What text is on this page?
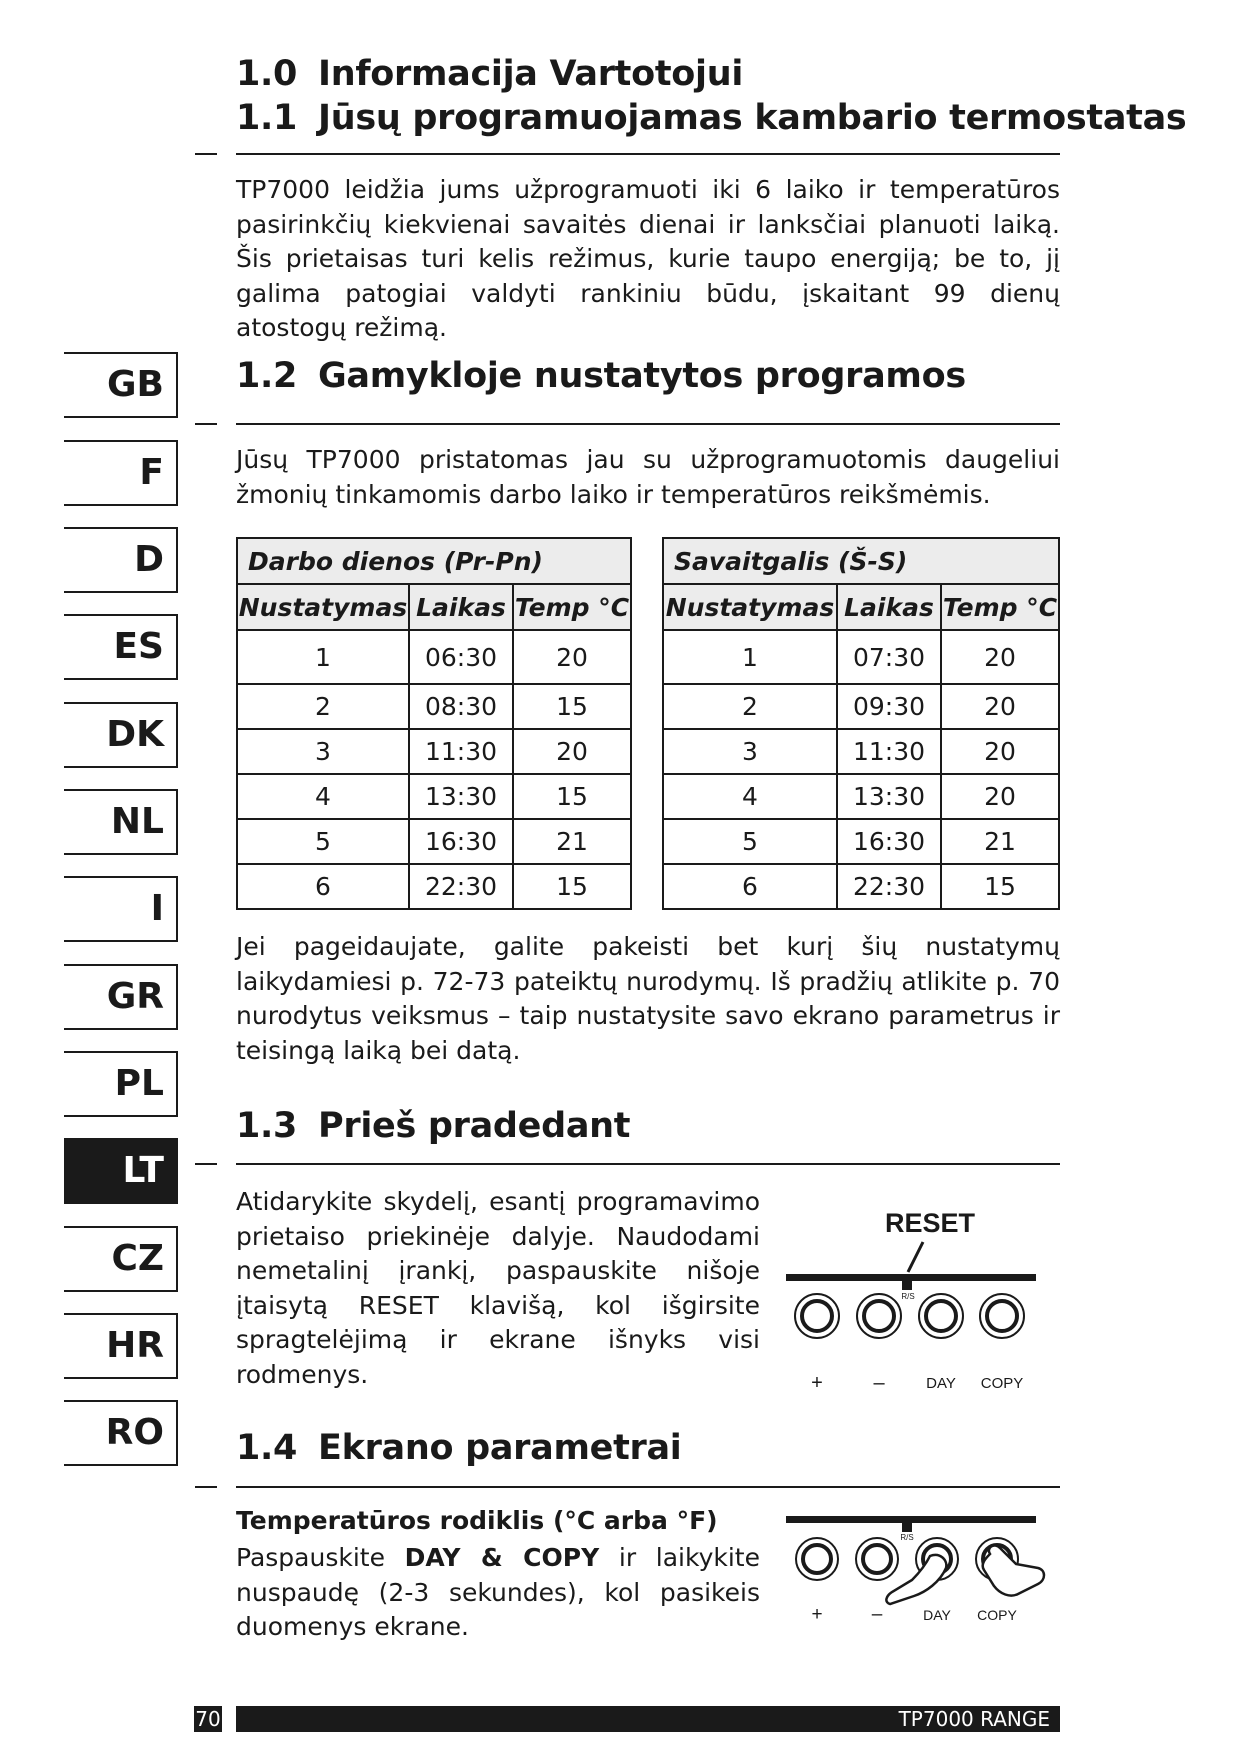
GB
F
D
ES
DK
NL
I
GR
PL
LT
CZ
HR
RO
1.0 Informacija Vartotojui
1.1 Jūsų programuojamas kambario termostatas

TP7000 leidžia jums užprogramuoti iki 6 laiko ir temperatūros pasirinkčių kiekvienai savaitės dienai ir lanksčiai planuoti laiką. Šis prietaisas turi kelis režimus, kurie taupo energiją; be to, jį galima patogiai valdyti rankiniu būdu, įskaitant 99 dienų atostogų režimą.

1.2 Gamykloje nustatytos programos

Jūsų TP7000 pristatomas jau su užprogramuotomis daugeliui žmonių tinkamomis darbo laiko ir temperatūros reikšmėmis.

Darbo dienos (Pr-Pn)		
Nustatymas	Laikas	Temp °C
1	06:30	20
2	08:30	15
3	11:30	20
4	13:30	15
5	16:30	21
6	22:30	15
Savaitgalis (Š-S)		
Nustatymas	Laikas	Temp °C
1	07:30	20
2	09:30	20
3	11:30	20
4	13:30	20
5	16:30	21
6	22:30	15

Jei pageidaujate, galite pakeisti bet kurį šių nustatymų laikydamiesi p. 72-73 pateiktų nurodymų. Iš pradžių atlikite p. 70 nurodytus veiksmus – taip nustatysite savo ekrano parametrus ir teisingą laiką bei datą.

1.3 Prieš pradedant

Atidarykite skydelį, esantį programavimo prietaiso priekinėje dalyje. Naudodami nemetalinį įrankį, paspauskite nišoje įtaisytą RESET klavišą, kol išgirsite spragtelėjimą ir ekrane išnyks visi rodmenys.

RESET
R/S
+	–	DAY COPY
1.4 Ekrano parametrai
Temperatūros rodiklis (°C arba °F)

Paspauskite DAY & COPY ir laikykite nuspaudę (2-3 sekundes), kol pasikeis duomenys ekrane.

R/S
+	–	DAY COPY
70	TP7000 RANGE
